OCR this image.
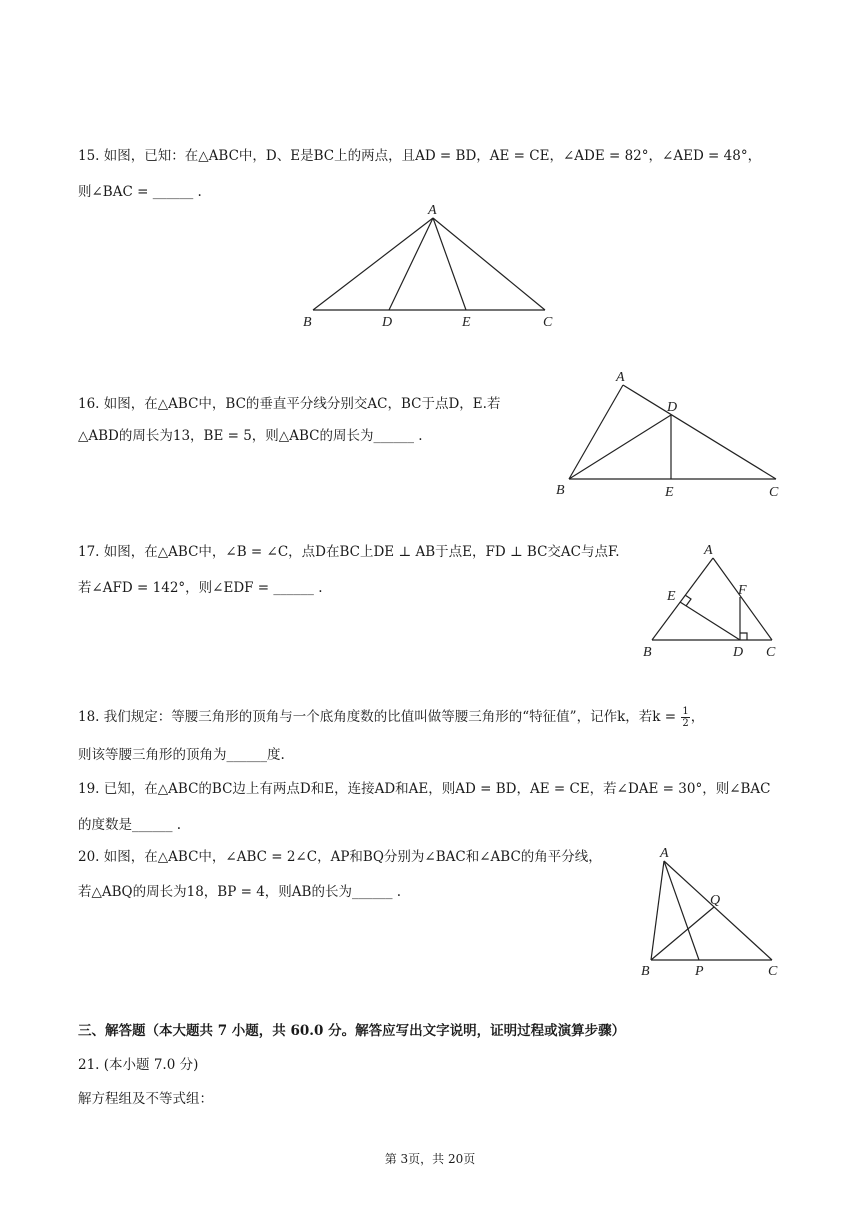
15. 如图，已知：在△ABC中，D、E是BC上的两点，且AD = BD，AE = CE，∠ADE = 82°，∠AED = 48°，
则∠BAC = ______ .
A
B	D	E	C
16. 如图，在△ABC中，BC的垂直平分线分别交AC，BC于点D，E.若
△ABD的周长为13，BE = 5，则△ABC的周长为______ .
A
D
B	E	C
17. 如图，在△ABC中，∠B = ∠C，点D在BC上DE ⊥ AB于点E，FD ⊥ BC交AC与点F.
若∠AFD = 142°，则∠EDF = ______ .
A
E	F
B	D C
18. 我们规定：等腰三角形的顶角与一个底角度数的比值叫做等腰三角形的“特征值”，记作k，若$k = \frac{1}{2}$ ，
则该等腰三角形的顶角为______度.
19. 已知，在△ABC的BC边上有两点D和E，连接AD和AE，则AD = BD，AE = CE，若∠DAE = 30°，则∠BAC
的度数是______ .
20. 如图，在△ABC中，∠ABC = 2∠C，AP和BQ分别为∠BAC和∠ABC的角平分线，
若△ABQ的周长为18，BP = 4，则AB的长为______ .
A
Q
B	P	C
三、解答题（本大题共 7 小题，共 60.0 分。解答应写出文字说明，证明过程或演算步骤）
21. (本小题 7.0 分)
解方程组及不等式组：
第 3页，共 20页
